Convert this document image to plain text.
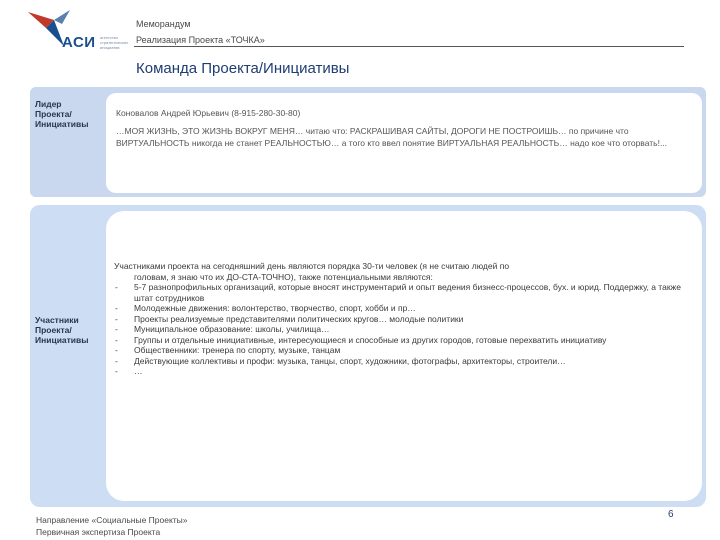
АСИ агентство стратегических инициатив
Меморандум
Реализация Проекта «ТОЧКА»
Команда Проекта/Инициативы
Лидер Проекта/ Инициативы
Коновалов Андрей Юрьевич (8-915-280-30-80)
…МОЯ ЖИЗНЬ, ЭТО ЖИЗНЬ ВОКРУГ МЕНЯ… читаю что: РАСКРАШИВАЯ САЙТЫ, ДОРОГИ НЕ ПОСТРОИШЬ… по причине что ВИРТУАЛЬНОСТЬ никогда не станет РЕАЛЬНОСТЬЮ… а того кто ввел понятие ВИРТУАЛЬНАЯ РЕАЛЬНОСТЬ… надо кое что оторвать!...
Участники Проекта/ Инициативы
Участниками проекта на сегодняшний день являются порядка 30-ти человек (я не считаю людей по
головам, я знаю что их ДО-СТА-ТОЧНО), также потенциальными являются:
- 5-7 разнопрофильных организаций, которые вносят инструментарий и опыт ведения бизнесс-процессов, бух. и юрид. Поддержку, а также штат сотрудников
- Молодежные движения: волонтерство, творчество, спорт, хобби и пр…
- Проекты реализуемые представителями политических кругов… молодые политики
- Муниципальное образование: школы, училища…
- Группы и отдельные инициативные, интересующиеся и способные из других городов, готовые перехватить инициативу
- Общественники: тренера по спорту, музыке, танцам
- Действующие коллективы и профи: музыка, танцы, спорт, художники, фотографы, архитекторы, строители…
- …
Направление «Социальные Проекты»
Первичная экспертиза Проекта
6
